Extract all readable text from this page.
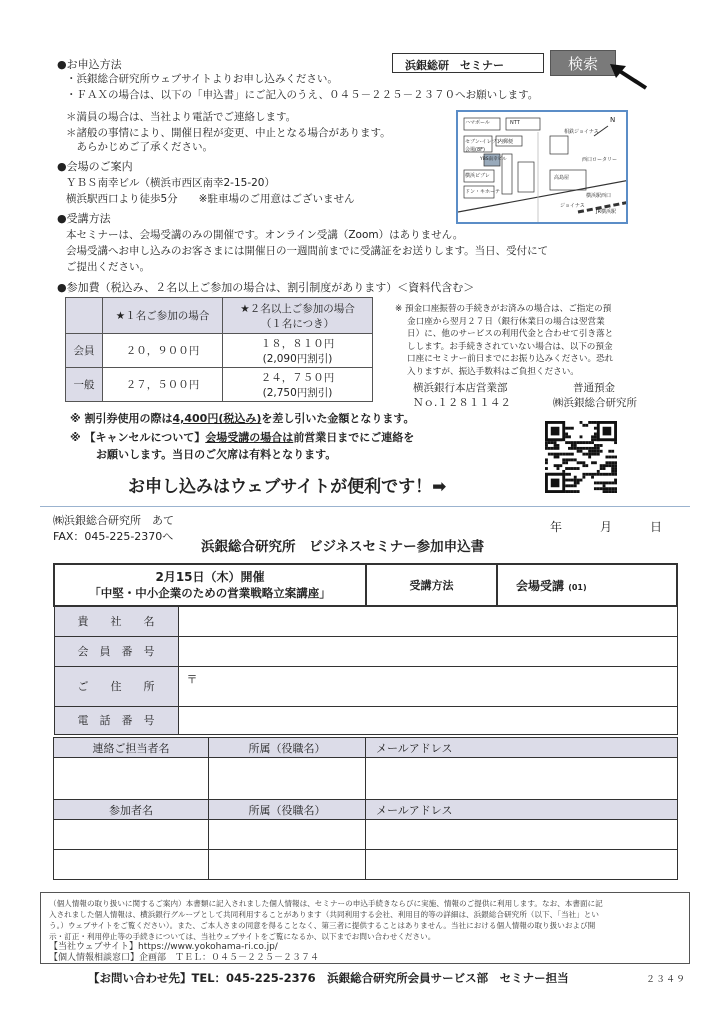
浜銀総研　セミナー	検索
●お申込方法
・浜銀総合研究所ウェブサイトよりお申し込みください。
・ＦＡＸの場合は、以下の「申込書」にご記入のうえ、０４５－２２５－２３７０へお願いします。
＊満員の場合は、当社より電話でご連絡します。
＊諸般の事情により、開催日程が変更、中止となる場合があります。
　あらかじめご了承ください。
●会場のご案内
ＹＢＳ南幸ビル（横浜市西区南幸2-15-20）
横浜駅西口より徒歩5分　　※駐車場のご用意はございません
ハマボール	NTT
相鉄ジョイナス
セブン-イレブン
会場(8F)
内郵便
YBS南幸ビル
横浜ビブレ
ドン・キホーテ
西口ロータリー
高島屋
横浜駅西口
ジョイナス
JR横浜駅
N
●受講方法
本セミナーは、会場受講のみの開催です。オンライン受講（Zoom）はありません。
会場受講へお申し込みのお客さまには開催日の一週間前までに受講証をお送りします。当日、受付にて
ご提出ください。
●参加費（税込み、２名以上ご参加の場合は、割引制度があります）＜資料代含む＞
	★１名ご参加の場合	★２名以上ご参加の場合
（１名につき）
会員	２０，９００円	１８，８１０円
(2,090円割引)
一般	２７，５００円	２４，７５０円
(2,750円割引)
※ 預金口座振替の手続きがお済みの場合は、ご指定の預
金口座から翌月２７日（銀行休業日の場合は翌営業
日）に、他のサービスの利用代金と合わせて引き落と
しします。お手続きされていない場合は、以下の預金
口座にセミナー前日までにお振り込みください。恐れ
入りますが、振込手数料はご負担ください。
横浜銀行本店営業部	普通預金
Ｎｏ.１２８１１４２	㈱浜銀総合研究所
※ 割引券使用の際は4,400円(税込み)を差し引いた金額となります。
※ 【キャンセルについて】会場受講の場合は前営業日までにご連絡を
お願いします。当日のご欠席は有料となります。
お申し込みはウェブサイトが便利です！➡
㈱浜銀総合研究所　あて
FAX：045-225-2370へ
年	月	日
浜銀総合研究所　ビジネスセミナー参加申込書
2月15日（木）開催
「中堅・中小企業のための営業戦略立案講座」		受講方法	会場受講 (01)
貴　　社　　名			
会　員　番　号			
ご　　住　　所	〒		
電　話　番　号			
連絡ご担当者名	所属（役職名）	メールアドレス

参加者名	所属（役職名）	メールアドレス

（個人情報の取り扱いに関するご案内）本書類に記入されました個人情報は、セミナーの申込手続きならびに実施、情報のご提供に利用します。なお、本書面に記
入されました個人情報は、横浜銀行グループとして共同利用することがあります（共同利用する会社、利用目的等の詳細は、浜銀総合研究所（以下、「当社」とい
う。）ウェブサイトをご覧ください）。また、ご本人さまの同意を得ることなく、第三者に提供することはありません。当社における個人情報の取り扱いおよび開
示・訂正・利用停止等の手続きについては、当社ウェブサイトをご覧になるか、以下までお問い合わせください。
【当社ウェブサイト】https://www.yokohama-ri.co.jp/
【個人情報相談窓口】企画部　ＴＥＬ：０４５－２２５－２３７４
【お問い合わせ先】TEL：045-225-2376　浜銀総合研究所会員サービス部　セミナー担当	２３４９
